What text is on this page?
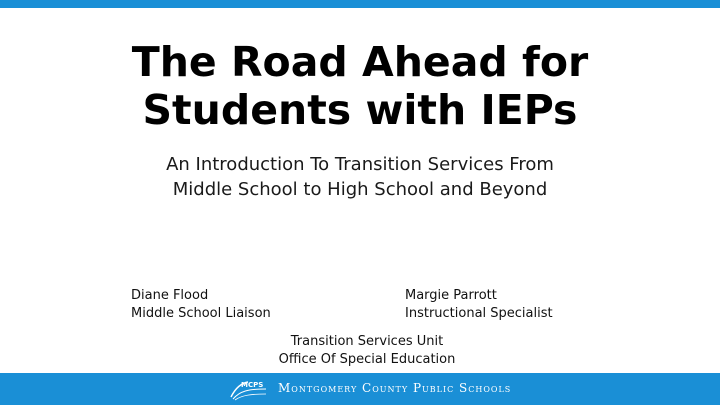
The Road Ahead for
Students with IEPs
An Introduction To Transition Services From
Middle School to High School and Beyond
Diane Flood
Middle School Liaison
Margie Parrott
Instructional Specialist
Transition Services Unit
Office Of Special Education
MCPS Montgomery County Public Schools
